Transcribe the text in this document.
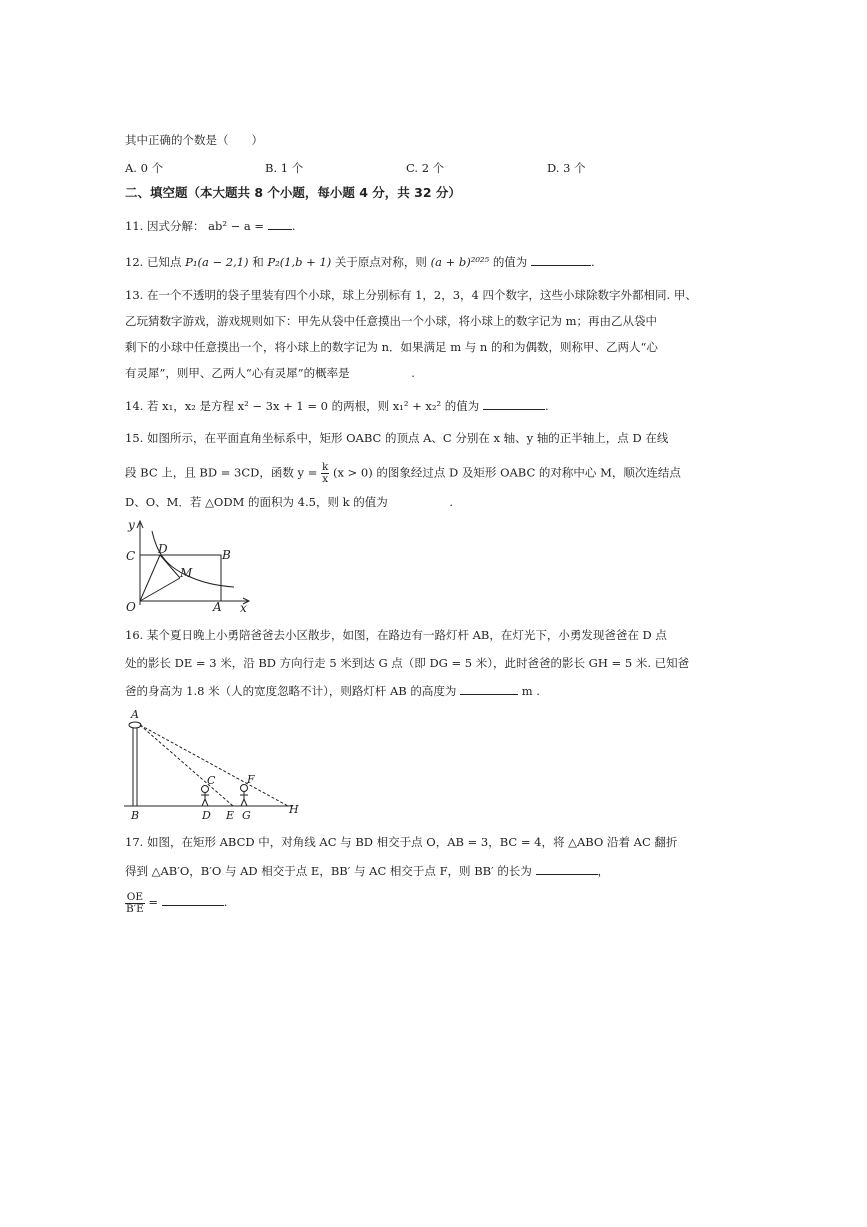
其中正确的个数是（　　）
A. 0 个	B. 1 个	C. 2 个	D. 3 个
二、填空题（本大题共 8 个小题，每小题 4 分，共 32 分）
11. 因式分解： ab² − a = .
12. 已知点 P₁(a − 2,1) 和 P₂(1,b + 1) 关于原点对称，则 (a + b)²⁰²⁵ 的值为	.
13. 在一个不透明的袋子里装有四个小球，球上分别标有 1，2，3，4 四个数字，这些小球除数字外都相同. 甲、
乙玩猜数字游戏，游戏规则如下：甲先从袋中任意摸出一个小球，将小球上的数字记为 m；再由乙从袋中
剩下的小球中任意摸出一个，将小球上的数字记为 n．如果满足 m 与 n 的和为偶数，则称甲、乙两人“心
有灵犀”，则甲、乙两人“心有灵犀”的概率是	.
14. 若 x₁，x₂ 是方程 x² − 3x + 1 = 0 的两根，则 x₁² + x₂² 的值为	.
15. 如图所示，在平面直角坐标系中，矩形 OABC 的顶点 A、C 分别在 x 轴、y 轴的正半轴上，点 D 在线
段 BC 上，且 BD = 3CD，函数 $y = \frac{k}{x} (x > 0)$ 的图象经过点 D 及矩形 OABC 的对称中心 M，顺次连结点
D、O、M．若 △ODM 的面积为 4.5，则 k 的值为	.
y
C D	B
M
O	A x
16. 某个夏日晚上小勇陪爸爸去小区散步，如图，在路边有一路灯杆 AB，在灯光下，小勇发现爸爸在 D 点
处的影长 DE = 3 米，沿 BD 方向行走 5 米到达 G 点（即 DG = 5 米），此时爸爸的影长 GH = 5 米. 已知爸
爸的身高为 1.8 米（人的宽度忽略不计），则路灯杆 AB 的高度为	m .
A
B
C	F
D E G	H
17. 如图，在矩形 ABCD 中，对角线 AC 与 BD 相交于点 O，AB = 3，BC = 4，将 △ABO 沿着 AC 翻折
得到 △AB′O，B′O 与 AD 相交于点 E，BB′ 与 AC 相交于点 F，则 BB′ 的长为	，
$\frac{OE}{B'E}$ =	.
